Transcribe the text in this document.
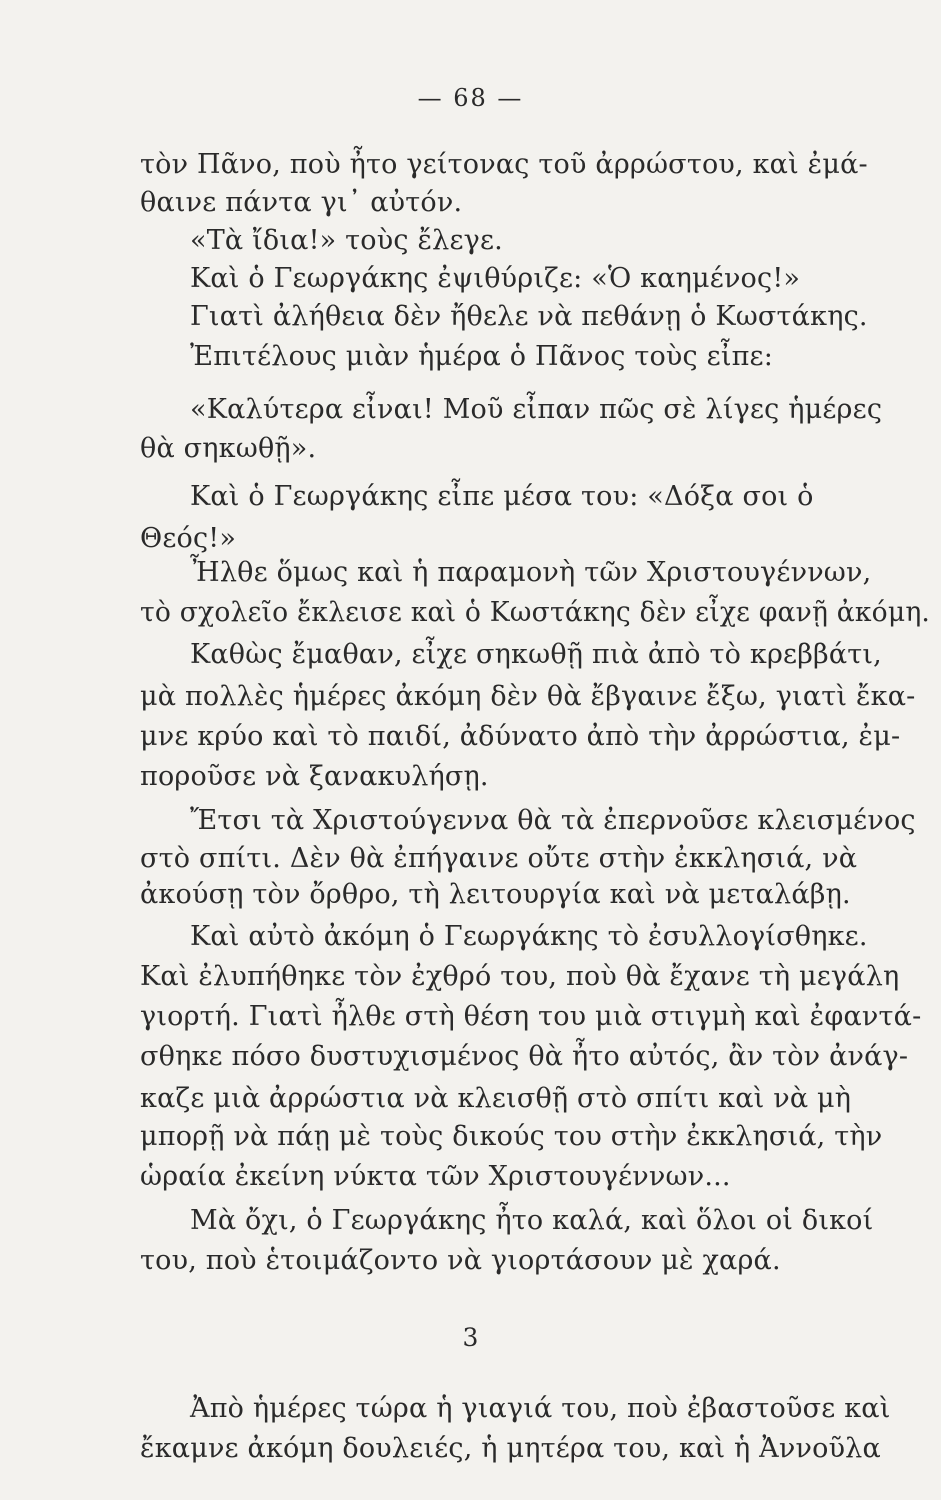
— 68 —
τὸν Πᾶνο, ποὺ ἦτο γείτονας τοῦ ἀρρώστου, καὶ ἐμά-
θαινε πάντα γι᾿ αὐτόν.
«Τὰ ἴδια!» τοὺς ἔλεγε.
Καὶ ὁ Γεωργάκης ἐψιθύριζε: «Ὁ καημένος!»
Γιατὶ ἀλήθεια δὲν ἤθελε νὰ πεθάνῃ ὁ Κωστάκης.
Ἐπιτέλους μιὰν ἡμέρα ὁ Πᾶνος τοὺς εἶπε:
«Καλύτερα εἶναι! Μοῦ εἶπαν πῶς σὲ λίγες ἡμέρες
θὰ σηκωθῇ».
Καὶ ὁ Γεωργάκης εἶπε μέσα του: «Δόξα σοι ὁ
Θεός!»
Ἦλθε ὅμως καὶ ἡ παραμονὴ τῶν Χριστουγέννων,
τὸ σχολεῖο ἔκλεισε καὶ ὁ Κωστάκης δὲν εἶχε φανῇ ἀκόμη.
Καθὼς ἔμαθαν, εἶχε σηκωθῇ πιὰ ἀπὸ τὸ κρεββάτι,
μὰ πολλὲς ἡμέρες ἀκόμη δὲν θὰ ἔβγαινε ἔξω, γιατὶ ἔκα-
μνε κρύο καὶ τὸ παιδί, ἀδύνατο ἀπὸ τὴν ἀρρώστια, ἐμ-
ποροῦσε νὰ ξανακυλήσῃ.
Ἔτσι τὰ Χριστούγεννα θὰ τὰ ἐπερνοῦσε κλεισμένος
στὸ σπίτι. Δὲν θὰ ἐπήγαινε οὔτε στὴν ἐκκλησιά, νὰ
ἀκούσῃ τὸν ὄρθρο, τὴ λειτουργία καὶ νὰ μεταλάβῃ.
Καὶ αὐτὸ ἀκόμη ὁ Γεωργάκης τὸ ἐσυλλογίσθηκε.
Καὶ ἐλυπήθηκε τὸν ἐχθρό του, ποὺ θὰ ἔχανε τὴ μεγάλη
γιορτή. Γιατὶ ἦλθε στὴ θέση του μιὰ στιγμὴ καὶ ἐφαντά-
σθηκε πόσο δυστυχισμένος θὰ ἦτο αὐτός, ἂν τὸν ἀνάγ-
καζε μιὰ ἀρρώστια νὰ κλεισθῇ στὸ σπίτι καὶ νὰ μὴ
μπορῇ νὰ πάῃ μὲ τοὺς δικούς του στὴν ἐκκλησιά, τὴν
ὡραία ἐκείνη νύκτα τῶν Χριστουγέννων...
Μὰ ὄχι, ὁ Γεωργάκης ἦτο καλά, καὶ ὅλοι οἱ δικοί
του, ποὺ ἑτοιμάζοντο νὰ γιορτάσουν μὲ χαρά.
3
Ἀπὸ ἡμέρες τώρα ἡ γιαγιά του, ποὺ ἐβαστοῦσε καὶ
ἔκαμνε ἀκόμη δουλειές, ἡ μητέρα του, καὶ ἡ Ἀννοῦλα
